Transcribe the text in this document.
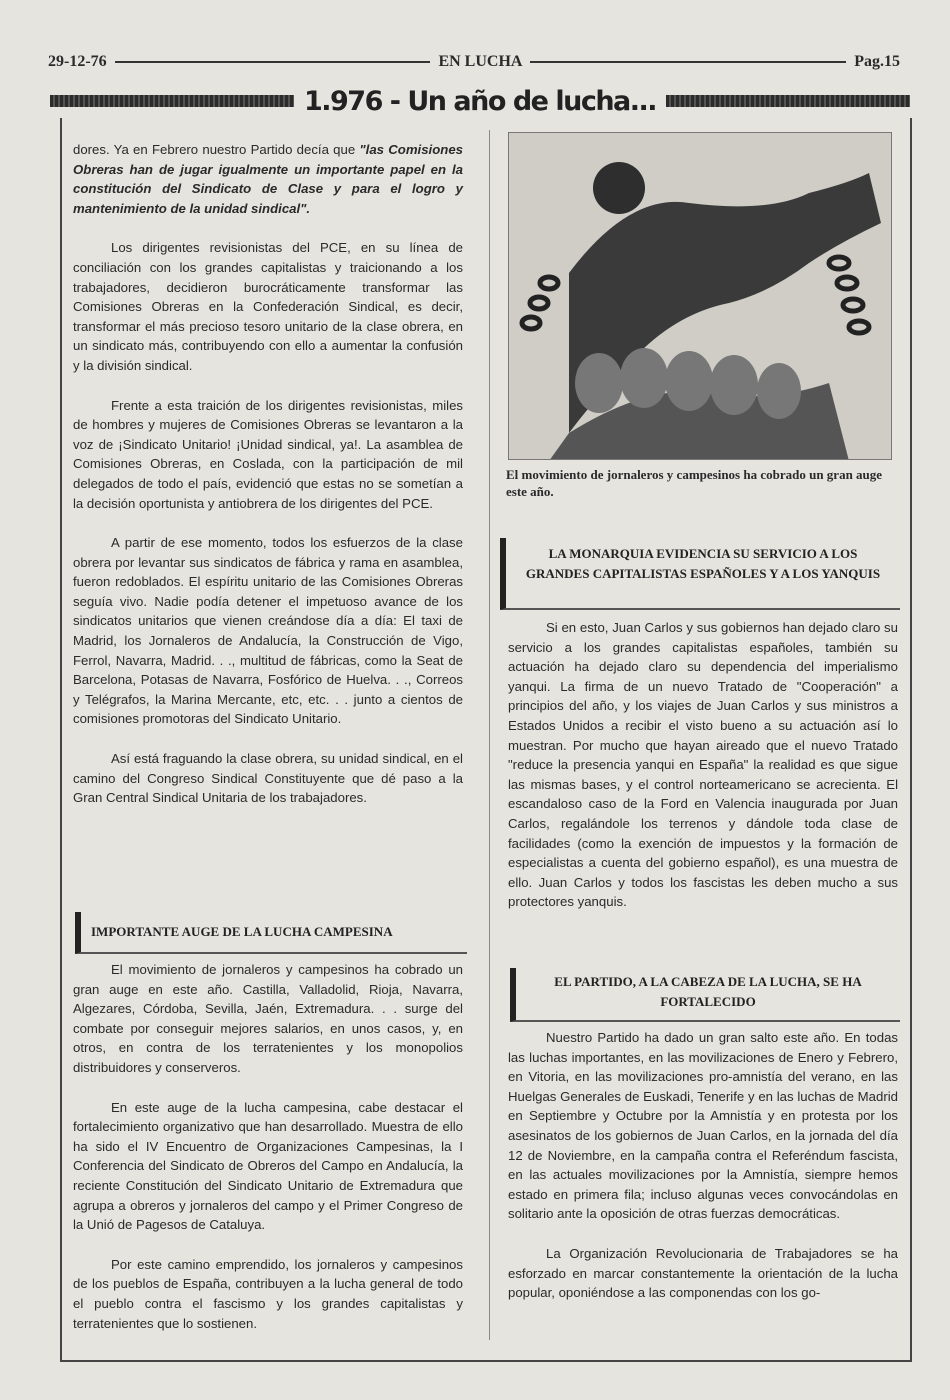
29-12-76	EN LUCHA	Pag.15
1.976 - Un año de lucha...

dores. Ya en Febrero nuestro Partido decía que "las Comisiones Obreras han de jugar igualmente un importante papel en la constitución del Sindicato de Clase y para el logro y mantenimiento de la unidad sindical".

Los dirigentes revisionistas del PCE, en su línea de conciliación con los grandes capitalistas y traicionando a los trabajadores, decidieron burocráticamente transformar las Comisiones Obreras en la Confederación Sindical, es decir, transformar el más precioso tesoro unitario de la clase obrera, en un sindicato más, contribuyendo con ello a aumentar la confusión y la división sindical.

Frente a esta traición de los dirigentes revisionistas, miles de hombres y mujeres de Comisiones Obreras se levantaron a la voz de ¡Sindicato Unitario! ¡Unidad sindical, ya!. La asamblea de Comisiones Obreras, en Coslada, con la participación de mil delegados de todo el país, evidenció que estas no se sometían a la decisión oportunista y antiobrera de los dirigentes del PCE.

A partir de ese momento, todos los esfuerzos de la clase obrera por levantar sus sindicatos de fábrica y rama en asamblea, fueron redoblados. El espíritu unitario de las Comisiones Obreras seguía vivo. Nadie podía detener el impetuoso avance de los sindicatos unitarios que vienen creándose día a día: El taxi de Madrid, los Jornaleros de Andalucía, la Construcción de Vigo, Ferrol, Navarra, Madrid. . ., multitud de fábricas, como la Seat de Barcelona, Potasas de Navarra, Fosfórico de Huelva. . ., Correos y Telégrafos, la Marina Mercante, etc, etc. . . junto a cientos de comisiones promotoras del Sindicato Unitario.

Así está fraguando la clase obrera, su unidad sindical, en el camino del Congreso Sindical Constituyente que dé paso a la Gran Central Sindical Unitaria de los trabajadores.

IMPORTANTE AUGE DE LA LUCHA CAMPESINA

El movimiento de jornaleros y campesinos ha cobrado un gran auge en este año. Castilla, Valladolid, Rioja, Navarra, Algezares, Córdoba, Sevilla, Jaén, Extremadura. . . surge del combate por conseguir mejores salarios, en unos casos, y, en otros, en contra de los terratenientes y los monopolios distribuidores y conserveros.

En este auge de la lucha campesina, cabe destacar el fortalecimiento organizativo que han desarrollado. Muestra de ello ha sido el IV Encuentro de Organizaciones Campesinas, la I Conferencia del Sindicato de Obreros del Campo en Andalucía, la reciente Constitución del Sindicato Unitario de Extremadura que agrupa a obreros y jornaleros del campo y el Primer Congreso de la Unió de Pagesos de Cataluya.

Por este camino emprendido, los jornaleros y campesinos de los pueblos de España, contribuyen a la lucha general de todo el pueblo contra el fascismo y los grandes capitalistas y terratenientes que lo sostienen.

El movimiento de jornaleros y campesinos ha cobrado un gran auge este año.
LA MONARQUIA EVIDENCIA SU SERVICIO A LOS GRANDES CAPITALISTAS ESPAÑOLES Y A LOS YANQUIS

Si en esto, Juan Carlos y sus gobiernos han dejado claro su servicio a los grandes capitalistas españoles, también su actuación ha dejado claro su dependencia del imperialismo yanqui. La firma de un nuevo Tratado de "Cooperación" a principios del año, y los viajes de Juan Carlos y sus ministros a Estados Unidos a recibir el visto bueno a su actuación así lo muestran. Por mucho que hayan aireado que el nuevo Tratado "reduce la presencia yanqui en España" la realidad es que sigue las mismas bases, y el control norteamericano se acrecienta. El escandaloso caso de la Ford en Valencia inaugurada por Juan Carlos, regalándole los terrenos y dándole toda clase de facilidades (como la exención de impuestos y la formación de especialistas a cuenta del gobierno español), es una muestra de ello. Juan Carlos y todos los fascistas les deben mucho a sus protectores yanquis.

EL PARTIDO, A LA CABEZA DE LA LUCHA, SE HA FORTALECIDO

Nuestro Partido ha dado un gran salto este año. En todas las luchas importantes, en las movilizaciones de Enero y Febrero, en Vitoria, en las movilizaciones pro-amnistía del verano, en las Huelgas Generales de Euskadi, Tenerife y en las luchas de Madrid en Septiembre y Octubre por la Amnistía y en protesta por los asesinatos de los gobiernos de Juan Carlos, en la jornada del día 12 de Noviembre, en la campaña contra el Referéndum fascista, en las actuales movilizaciones por la Amnistía, siempre hemos estado en primera fila; incluso algunas veces convocándolas en solitario ante la oposición de otras fuerzas democráticas.

La Organización Revolucionaria de Trabajadores se ha esforzado en marcar constantemente la orientación de la lucha popular, oponiéndose a las componendas con los go-
